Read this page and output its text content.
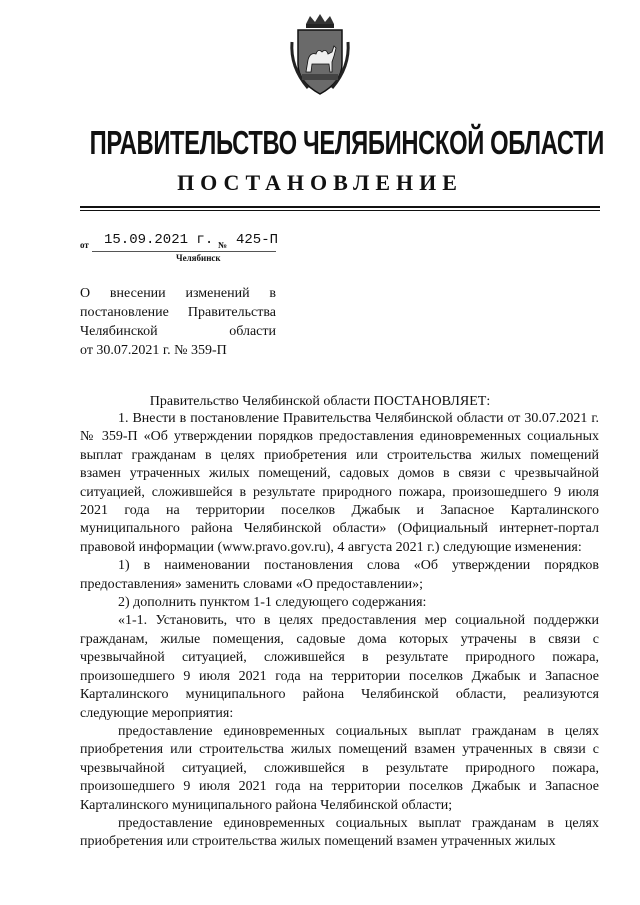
ПРАВИТЕЛЬСТВО ЧЕЛЯБИНСКОЙ ОБЛАСТИ
ПОСТАНОВЛЕНИЕ
от 15.09.2021 г. № 425-П
Челябинск
О внесении изменений в
постановление Правительства
Челябинской области
от 30.07.2021 г. № 359-П
Правительство Челябинской области ПОСТАНОВЛЯЕТ:

1. Внести в постановление Правительства Челябинской области от 30.07.2021 г. № 359-П «Об утверждении порядков предоставления единовременных социальных выплат гражданам в целях приобретения или строительства жилых помещений взамен утраченных жилых помещений, садовых домов в связи с чрезвычайной ситуацией, сложившейся в результате природного пожара, произошедшего 9 июля 2021 года на территории поселков Джабык и Запасное Карталинского муниципального района Челябинской области» (Официальный интернет-портал правовой информации (www.pravo.gov.ru), 4 августа 2021 г.) следующие изменения:

1) в наименовании постановления слова «Об утверждении порядков предоставления» заменить словами «О предоставлении»;

2) дополнить пунктом 1-1 следующего содержания:

«1-1. Установить, что в целях предоставления мер социальной поддержки гражданам, жилые помещения, садовые дома которых утрачены в связи с чрезвычайной ситуацией, сложившейся в результате природного пожара, произошедшего 9 июля 2021 года на территории поселков Джабык и Запасное Карталинского муниципального района Челябинской области, реализуются следующие мероприятия:

предоставление единовременных социальных выплат гражданам в целях приобретения или строительства жилых помещений взамен утраченных в связи с чрезвычайной ситуацией, сложившейся в результате природного пожара, произошедшего 9 июля 2021 года на территории поселков Джабык и Запасное Карталинского муниципального района Челябинской области;

предоставление единовременных социальных выплат гражданам в целях приобретения или строительства жилых помещений взамен утраченных жилых
